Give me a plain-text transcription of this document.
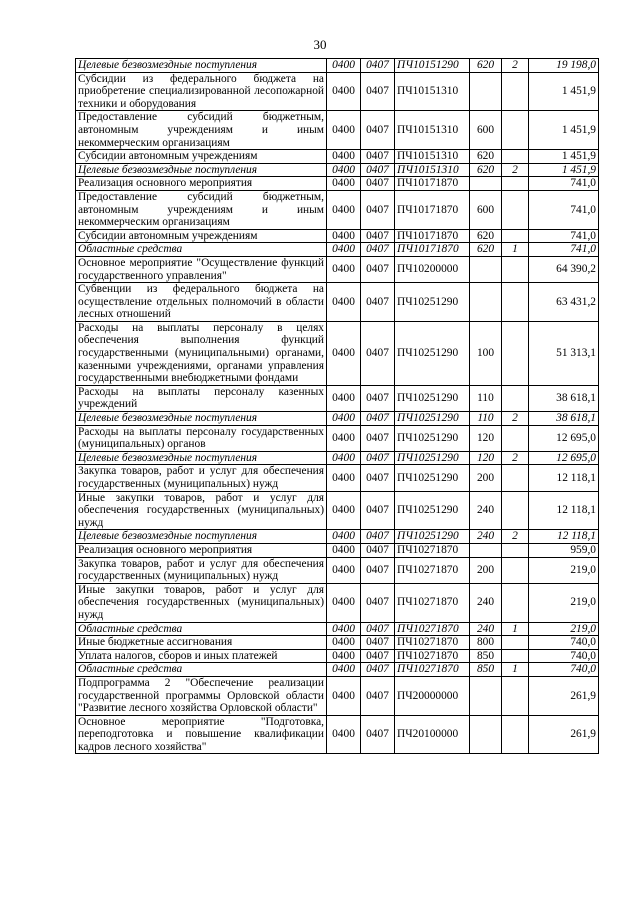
30
Целевые безвозмездные поступления	0400	0407	ПЧ10151290	620	2	19 198,0
Субсидии из федерального бюджета на приобретение специализированной лесопожарной техники и оборудования	0400	0407	ПЧ10151310			1 451,9
Предоставление субсидий бюджетным, автономным учреждениям и иным некоммерческим организациям	0400	0407	ПЧ10151310	600		1 451,9
Субсидии автономным учреждениям	0400	0407	ПЧ10151310	620		1 451,9
Целевые безвозмездные поступления	0400	0407	ПЧ10151310	620	2	1 451,9
Реализация основного мероприятия	0400	0407	ПЧ10171870			741,0
Предоставление субсидий бюджетным, автономным учреждениям и иным некоммерческим организациям	0400	0407	ПЧ10171870	600		741,0
Субсидии автономным учреждениям	0400	0407	ПЧ10171870	620		741,0
Областные средства	0400	0407	ПЧ10171870	620	1	741,0
Основное мероприятие "Осуществление функций государственного управления"	0400	0407	ПЧ10200000			64 390,2
Субвенции из федерального бюджета на осуществление отдельных полномочий в области лесных отношений	0400	0407	ПЧ10251290			63 431,2
Расходы на выплаты персоналу в целях обеспечения выполнения функций государственными (муниципальными) органами, казенными учреждениями, органами управления государственными внебюджетными фондами	0400	0407	ПЧ10251290	100		51 313,1
Расходы на выплаты персоналу казенных учреждений	0400	0407	ПЧ10251290	110		38 618,1
Целевые безвозмездные поступления	0400	0407	ПЧ10251290	110	2	38 618,1
Расходы на выплаты персоналу государственных (муниципальных) органов	0400	0407	ПЧ10251290	120		12 695,0
Целевые безвозмездные поступления	0400	0407	ПЧ10251290	120	2	12 695,0
Закупка товаров, работ и услуг для обеспечения государственных (муниципальных) нужд	0400	0407	ПЧ10251290	200		12 118,1
Иные закупки товаров, работ и услуг для обеспечения государственных (муниципальных) нужд	0400	0407	ПЧ10251290	240		12 118,1
Целевые безвозмездные поступления	0400	0407	ПЧ10251290	240	2	12 118,1
Реализация основного мероприятия	0400	0407	ПЧ10271870			959,0
Закупка товаров, работ и услуг для обеспечения государственных (муниципальных) нужд	0400	0407	ПЧ10271870	200		219,0
Иные закупки товаров, работ и услуг для обеспечения государственных (муниципальных) нужд	0400	0407	ПЧ10271870	240		219,0
Областные средства	0400	0407	ПЧ10271870	240	1	219,0
Иные бюджетные ассигнования	0400	0407	ПЧ10271870	800		740,0
Уплата налогов, сборов и иных платежей	0400	0407	ПЧ10271870	850		740,0
Областные средства	0400	0407	ПЧ10271870	850	1	740,0
Подпрограмма 2 "Обеспечение реализации государственной программы Орловской области "Развитие лесного хозяйства Орловской области"	0400	0407	ПЧ20000000			261,9
Основное мероприятие "Подготовка, переподготовка и повышение квалификации кадров лесного хозяйства"	0400	0407	ПЧ20100000			261,9
